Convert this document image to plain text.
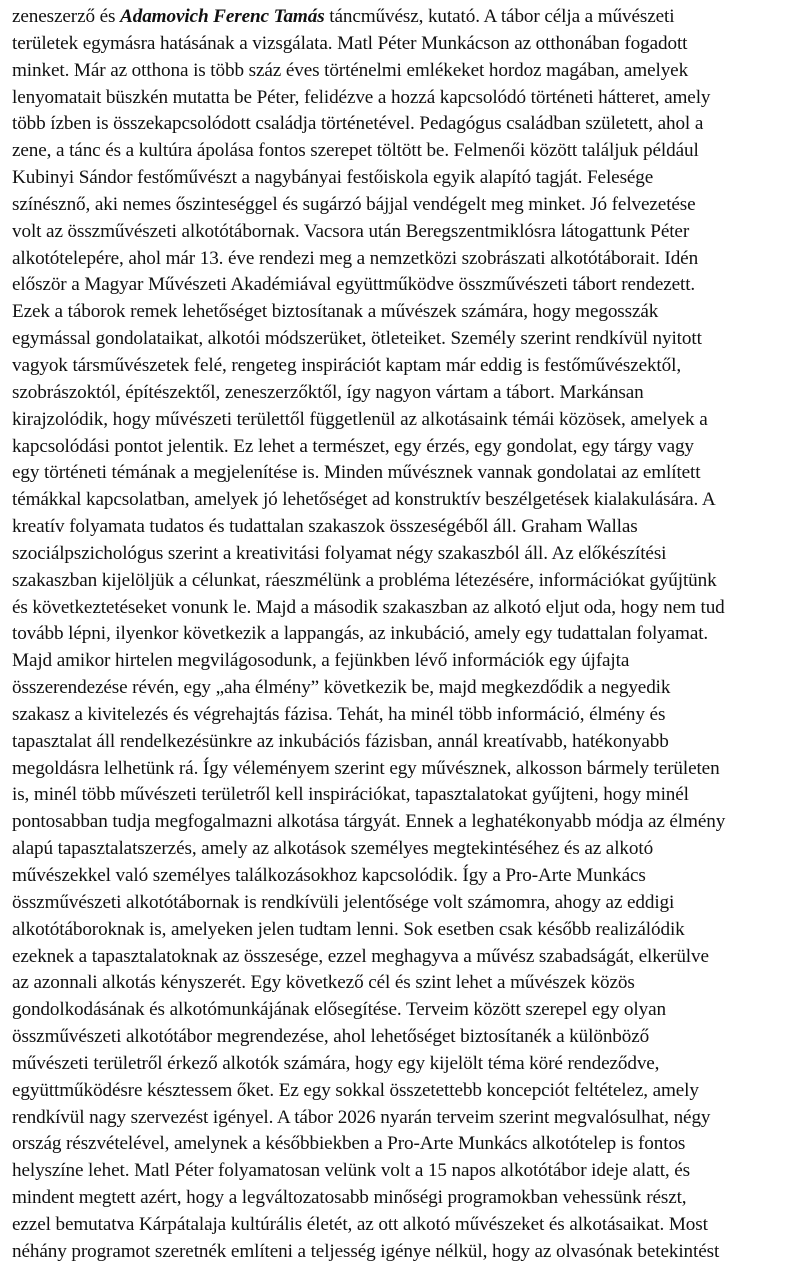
zeneszerző és Adamovich Ferenc Tamás táncművész, kutató. A tábor célja a művészeti
területek egymásra hatásának a vizsgálata. Matl Péter Munkácson az otthonában fogadott
minket. Már az otthona is több száz éves történelmi emlékeket hordoz magában, amelyek
lenyomatait büszkén mutatta be Péter, felidézve a hozzá kapcsolódó történeti hátteret, amely
több ízben is összekapcsolódott családja történetével. Pedagógus családban született, ahol a
zene, a tánc és a kultúra ápolása fontos szerepet töltött be. Felmenői között találjuk például
Kubinyi Sándor festőművészt a nagybányai festőiskola egyik alapító tagját. Felesége
színésznő, aki nemes őszinteséggel és sugárzó bájjal vendégelt meg minket. Jó felvezetése
volt az összművészeti alkotótábornak. Vacsora után Beregszentmiklósra látogattunk Péter
alkotótelepére, ahol már 13. éve rendezi meg a nemzetközi szobrászati alkotótáborait. Idén
először a Magyar Művészeti Akadémiával együttműködve összművészeti tábort rendezett.
Ezek a táborok remek lehetőséget biztosítanak a művészek számára, hogy megosszák
egymással gondolataikat, alkotói módszerüket, ötleteiket. Személy szerint rendkívül nyitott
vagyok társművészetek felé, rengeteg inspirációt kaptam már eddig is festőművészektől,
szobrászoktól, építészektől, zeneszerzőktől, így nagyon vártam a tábort. Markánsan
kirajzolódik, hogy művészeti területtől függetlenül az alkotásaink témái közösek, amelyek a
kapcsolódási pontot jelentik. Ez lehet a természet, egy érzés, egy gondolat, egy tárgy vagy
egy történeti témának a megjelenítése is. Minden művésznek vannak gondolatai az említett
témákkal kapcsolatban, amelyek jó lehetőséget ad konstruktív beszélgetések kialakulására. A
kreatív folyamata tudatos és tudattalan szakaszok összeségéből áll. Graham Wallas
szociálpszichológus szerint a kreativitási folyamat négy szakaszból áll. Az előkészítési
szakaszban kijelöljük a célunkat, ráeszmélünk a probléma létezésére, információkat gyűjtünk
és következtetéseket vonunk le. Majd a második szakaszban az alkotó eljut oda, hogy nem tud
tovább lépni, ilyenkor következik a lappangás, az inkubáció, amely egy tudattalan folyamat.
Majd amikor hirtelen megvilágosodunk, a fejünkben lévő információk egy újfajta
összerendezése révén, egy „aha élmény” következik be, majd megkezdődik a negyedik
szakasz a kivitelezés és végrehajtás fázisa. Tehát, ha minél több információ, élmény és
tapasztalat áll rendelkezésünkre az inkubációs fázisban, annál kreatívabb, hatékonyabb
megoldásra lelhetünk rá. Így véleményem szerint egy művésznek, alkosson bármely területen
is, minél több művészeti területről kell inspirációkat, tapasztalatokat gyűjteni, hogy minél
pontosabban tudja megfogalmazni alkotása tárgyát. Ennek a leghatékonyabb módja az élmény
alapú tapasztalatszerzés, amely az alkotások személyes megtekintéséhez és az alkotó
művészekkel való személyes találkozásokhoz kapcsolódik. Így a Pro-Arte Munkács
összművészeti alkotótábornak is rendkívüli jelentősége volt számomra, ahogy az eddigi
alkotótáboroknak is, amelyeken jelen tudtam lenni. Sok esetben csak később realizálódik
ezeknek a tapasztalatoknak az összesége, ezzel meghagyva a művész szabadságát, elkerülve
az azonnali alkotás kényszerét. Egy következő cél és szint lehet a művészek közös
gondolkodásának és alkotómunkájának elősegítése. Terveim között szerepel egy olyan
összművészeti alkotótábor megrendezése, ahol lehetőséget biztosítanék a különböző
művészeti területről érkező alkotók számára, hogy egy kijelölt téma köré rendeződve,
együttműködésre késztessem őket. Ez egy sokkal összetettebb koncepciót feltételez, amely
rendkívül nagy szervezést igényel. A tábor 2026 nyarán terveim szerint megvalósulhat, négy
ország részvételével, amelynek a későbbiekben a Pro-Arte Munkács alkotótelep is fontos
helyszíne lehet. Matl Péter folyamatosan velünk volt a 15 napos alkotótábor ideje alatt, és
mindent megtett azért, hogy a legváltozatosabb minőségi programokban vehessünk részt,
ezzel bemutatva Kárpátalaja kultúrális életét, az ott alkotó művészeket és alkotásaikat. Most
néhány programot szeretnék említeni a teljesség igénye nélkül, hogy az olvasónak betekintést
